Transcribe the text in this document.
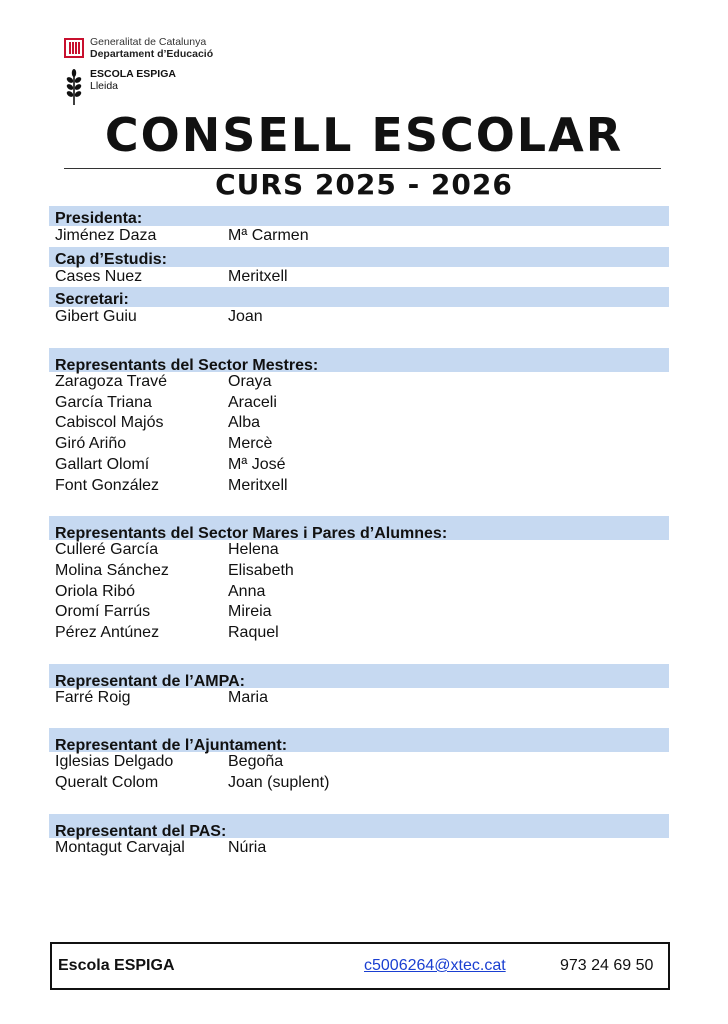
Generalitat de Catalunya
Departament d’Educació
ESCOLA ESPIGA
Lleida
CONSELL ESCOLAR
CURS 2025 - 2026
Presidenta:
Jiménez Daza	Mª Carmen
Cap d’Estudis:
Cases Nuez	Meritxell
Secretari:
Gibert Guiu	Joan
Representants del Sector Mestres:
Zaragoza Travé	Oraya
García Triana	Araceli
Cabiscol Majós	Alba
Giró Ariño	Mercè
Gallart Olomí	Mª José
Font González	Meritxell
Representants del Sector Mares i Pares d’Alumnes:
Culleré García	Helena
Molina Sánchez	Elisabeth
Oriola Ribó	Anna
Oromí Farrús	Mireia
Pérez Antúnez	Raquel
Representant de l’AMPA:
Farré Roig	Maria
Representant de l’Ajuntament:
Iglesias Delgado	Begoña
Queralt Colom	Joan (suplent)
Representant del PAS:
Montagut Carvajal	Núria
Escola ESPIGA	c5006264@xtec.cat	973 24 69 50
